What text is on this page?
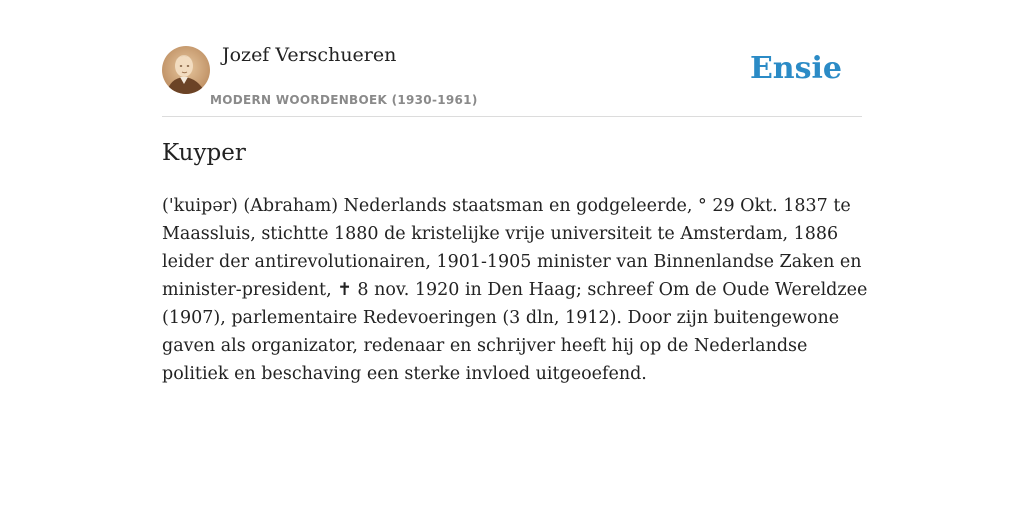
Jozef Verschueren
MODERN WOORDENBOEK (1930-1961)
Ensie
Kuyper

('kuipər) (Abraham) Nederlands staatsman en godgeleerde, ° 29 Okt. 1837 te Maassluis, stichtte 1880 de kristelijke vrije universiteit te Amsterdam, 1886 leider der antirevolutionairen, 1901-1905 minister van Binnenlandse Zaken en minister-president, ✝ 8 nov. 1920 in Den Haag; schreef Om de Oude Wereldzee (1907), parlementaire Redevoeringen (3 dln, 1912). Door zijn buitengewone gaven als organizator, redenaar en schrijver heeft hij op de Nederlandse politiek en beschaving een sterke invloed uitgeoefend.
